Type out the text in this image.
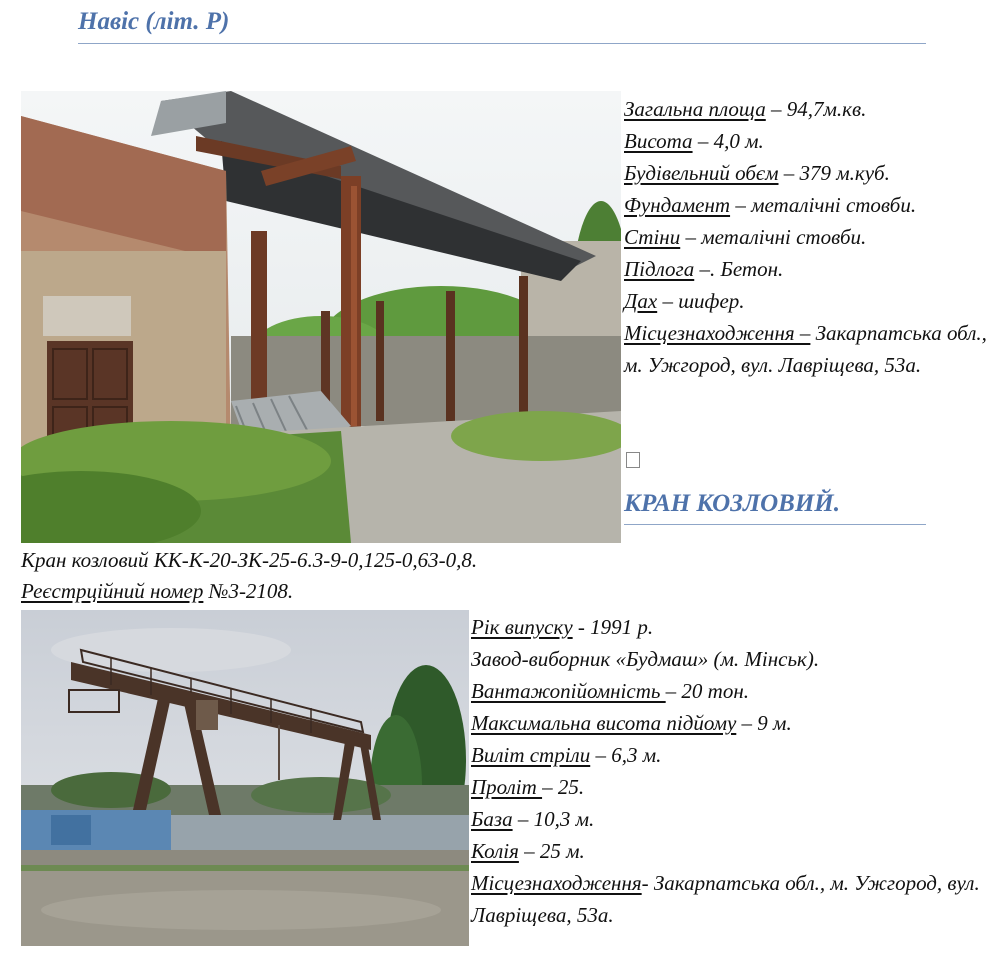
Навіс (літ. Р)
Загальна площа – 94,7м.кв.
Висота – 4,0 м.
Будівельний обєм – 379 м.куб.
Фундамент – металічні стовби.
Стіни – металічні стовби.
Підлога –. Бетон.
Дах – шифер.
Місцезнаходження – Закарпатська обл., м. Ужгород, вул. Лавріщева, 53а.
КРАН КОЗЛОВИЙ.

Кран козловий КК-К-20-ЗК-25-6.3-9-0,125-0,63-0,8.

Реєстрційний номер №3-2108.

Рік випуску - 1991 р.
Завод-виборник «Будмаш» (м. Мінськ).
Вантажопійомність – 20 тон.
Максимальна висота підйому – 9 м.
Виліт стріли – 6,3 м.
Проліт – 25.
База – 10,3 м.
Колія – 25 м.
Місцезнаходження- Закарпатська обл., м. Ужгород, вул. Лавріщева, 53а.
